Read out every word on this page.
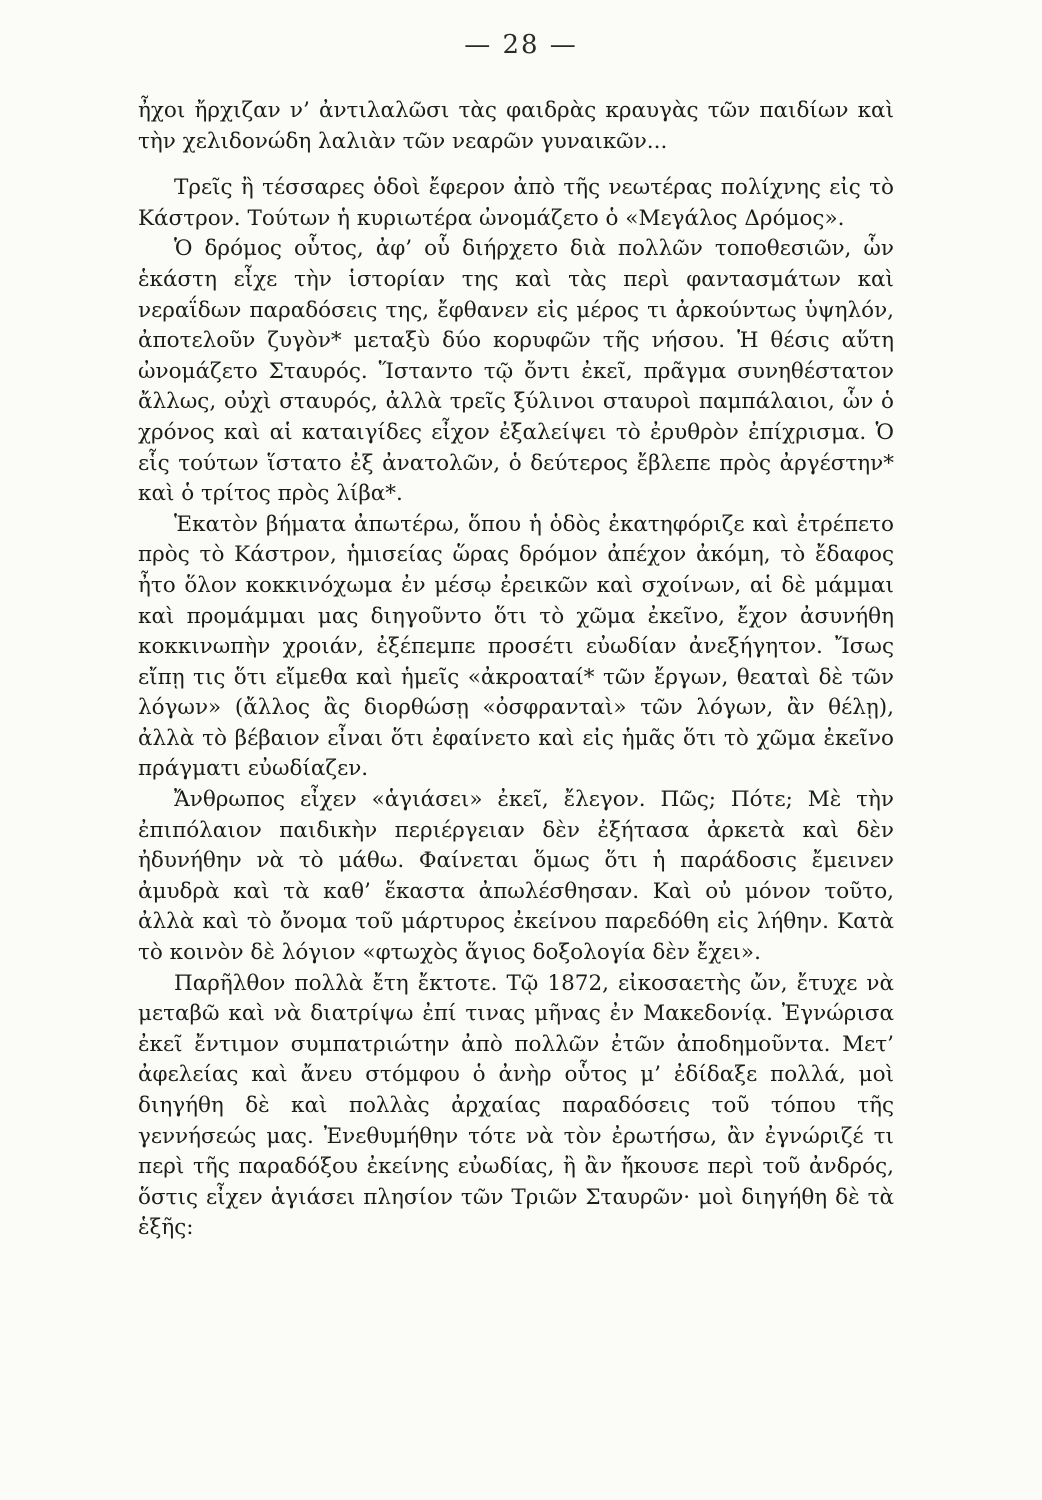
— 28 —

ἦχοι ἤρχιζαν ν’ ἀντιλαλῶσι τὰς φαιδρὰς κραυγὰς τῶν παιδίων καὶ τὴν χελιδονώδη λαλιὰν τῶν νεαρῶν γυναικῶν...

Τρεῖς ἢ τέσσαρες ὁδοὶ ἔφερον ἀπὸ τῆς νεωτέρας πολίχνης εἰς τὸ Κάστρον. Τούτων ἡ κυριωτέρα ὠνομάζετο ὁ «Μεγάλος Δρόμος».

Ὁ δρόμος οὗτος, ἀφ’ οὗ διήρχετο διὰ πολλῶν τοποθεσιῶν, ὧν ἑκάστη εἶχε τὴν ἱστορίαν της καὶ τὰς περὶ φαντασμάτων καὶ νεραΐδων παραδόσεις της, ἔφθανεν εἰς μέρος τι ἀρκούντως ὑψηλόν, ἀποτελοῦν ζυγὸν* μεταξὺ δύο κορυφῶν τῆς νήσου. Ἡ θέσις αὕτη ὠνομάζετο Σταυρός. Ἵσταντο τῷ ὄντι ἐκεῖ, πρᾶγμα συνηθέστατον ἄλλως, οὐχὶ σταυρός, ἀλλὰ τρεῖς ξύλινοι σταυροὶ παμπάλαιοι, ὧν ὁ χρόνος καὶ αἱ καταιγίδες εἶχον ἐξαλείψει τὸ ἐρυθρὸν ἐπίχρισμα. Ὁ εἷς τούτων ἵστατο ἐξ ἀνατολῶν, ὁ δεύτερος ἔβλεπε πρὸς ἀργέστην* καὶ ὁ τρίτος πρὸς λίβα*.

Ἑκατὸν βήματα ἀπωτέρω, ὅπου ἡ ὁδὸς ἐκατηφόριζε καὶ ἐτρέπετο πρὸς τὸ Κάστρον, ἡμισείας ὥρας δρόμον ἀπέχον ἀκόμη, τὸ ἔδαφος ἦτο ὅλον κοκκινόχωμα ἐν μέσῳ ἐρεικῶν καὶ σχοίνων, αἱ δὲ μάμμαι καὶ προμάμμαι μας διηγοῦντο ὅτι τὸ χῶμα ἐκεῖνο, ἔχον ἀσυνήθη κοκκινωπὴν χροιάν, ἐξέπεμπε προσέτι εὐωδίαν ἀνεξήγητον. Ἴσως εἴπῃ τις ὅτι εἴμεθα καὶ ἡμεῖς «ἀκροαταί* τῶν ἔργων, θεαταὶ δὲ τῶν λόγων» (ἄλλος ἂς διορθώσῃ «ὀσφρανταὶ» τῶν λόγων, ἂν θέλῃ), ἀλλὰ τὸ βέβαιον εἶναι ὅτι ἐφαίνετο καὶ εἰς ἡμᾶς ὅτι τὸ χῶμα ἐκεῖνο πράγματι εὐωδίαζεν.

Ἄνθρωπος εἶχεν «ἁγιάσει» ἐκεῖ, ἔλεγον. Πῶς; Πότε; Μὲ τὴν ἐπιπόλαιον παιδικὴν περιέργειαν δὲν ἐξήτασα ἀρκετὰ καὶ δὲν ἠδυνήθην νὰ τὸ μάθω. Φαίνεται ὅμως ὅτι ἡ παράδοσις ἔμεινεν ἀμυδρὰ καὶ τὰ καθ’ ἕκαστα ἀπωλέσθησαν. Καὶ οὐ μόνον τοῦτο, ἀλλὰ καὶ τὸ ὄνομα τοῦ μάρτυρος ἐκείνου παρεδόθη εἰς λήθην. Κατὰ τὸ κοινὸν δὲ λόγιον «φτωχὸς ἅγιος δοξολογία δὲν ἔχει».

Παρῆλθον πολλὰ ἔτη ἔκτοτε. Τῷ 1872, εἰκοσαετὴς ὤν, ἔτυχε νὰ μεταβῶ καὶ νὰ διατρίψω ἐπί τινας μῆνας ἐν Μακεδονίᾳ. Ἐγνώρισα ἐκεῖ ἔντιμον συμπατριώτην ἀπὸ πολλῶν ἐτῶν ἀποδημοῦντα. Μετ’ ἀφελείας καὶ ἄνευ στόμφου ὁ ἀνὴρ οὗτος μ’ ἐδίδαξε πολλά, μοὶ διηγήθη δὲ καὶ πολλὰς ἀρχαίας παραδόσεις τοῦ τόπου τῆς γεννήσεώς μας. Ἐνεθυμήθην τότε νὰ τὸν ἐρωτήσω, ἂν ἐγνώριζέ τι περὶ τῆς παραδόξου ἐκείνης εὐωδίας, ἢ ἂν ἤκουσε περὶ τοῦ ἀνδρός, ὅστις εἶχεν ἁγιάσει πλησίον τῶν Τριῶν Σταυρῶν· μοὶ διηγήθη δὲ τὰ ἑξῆς:
